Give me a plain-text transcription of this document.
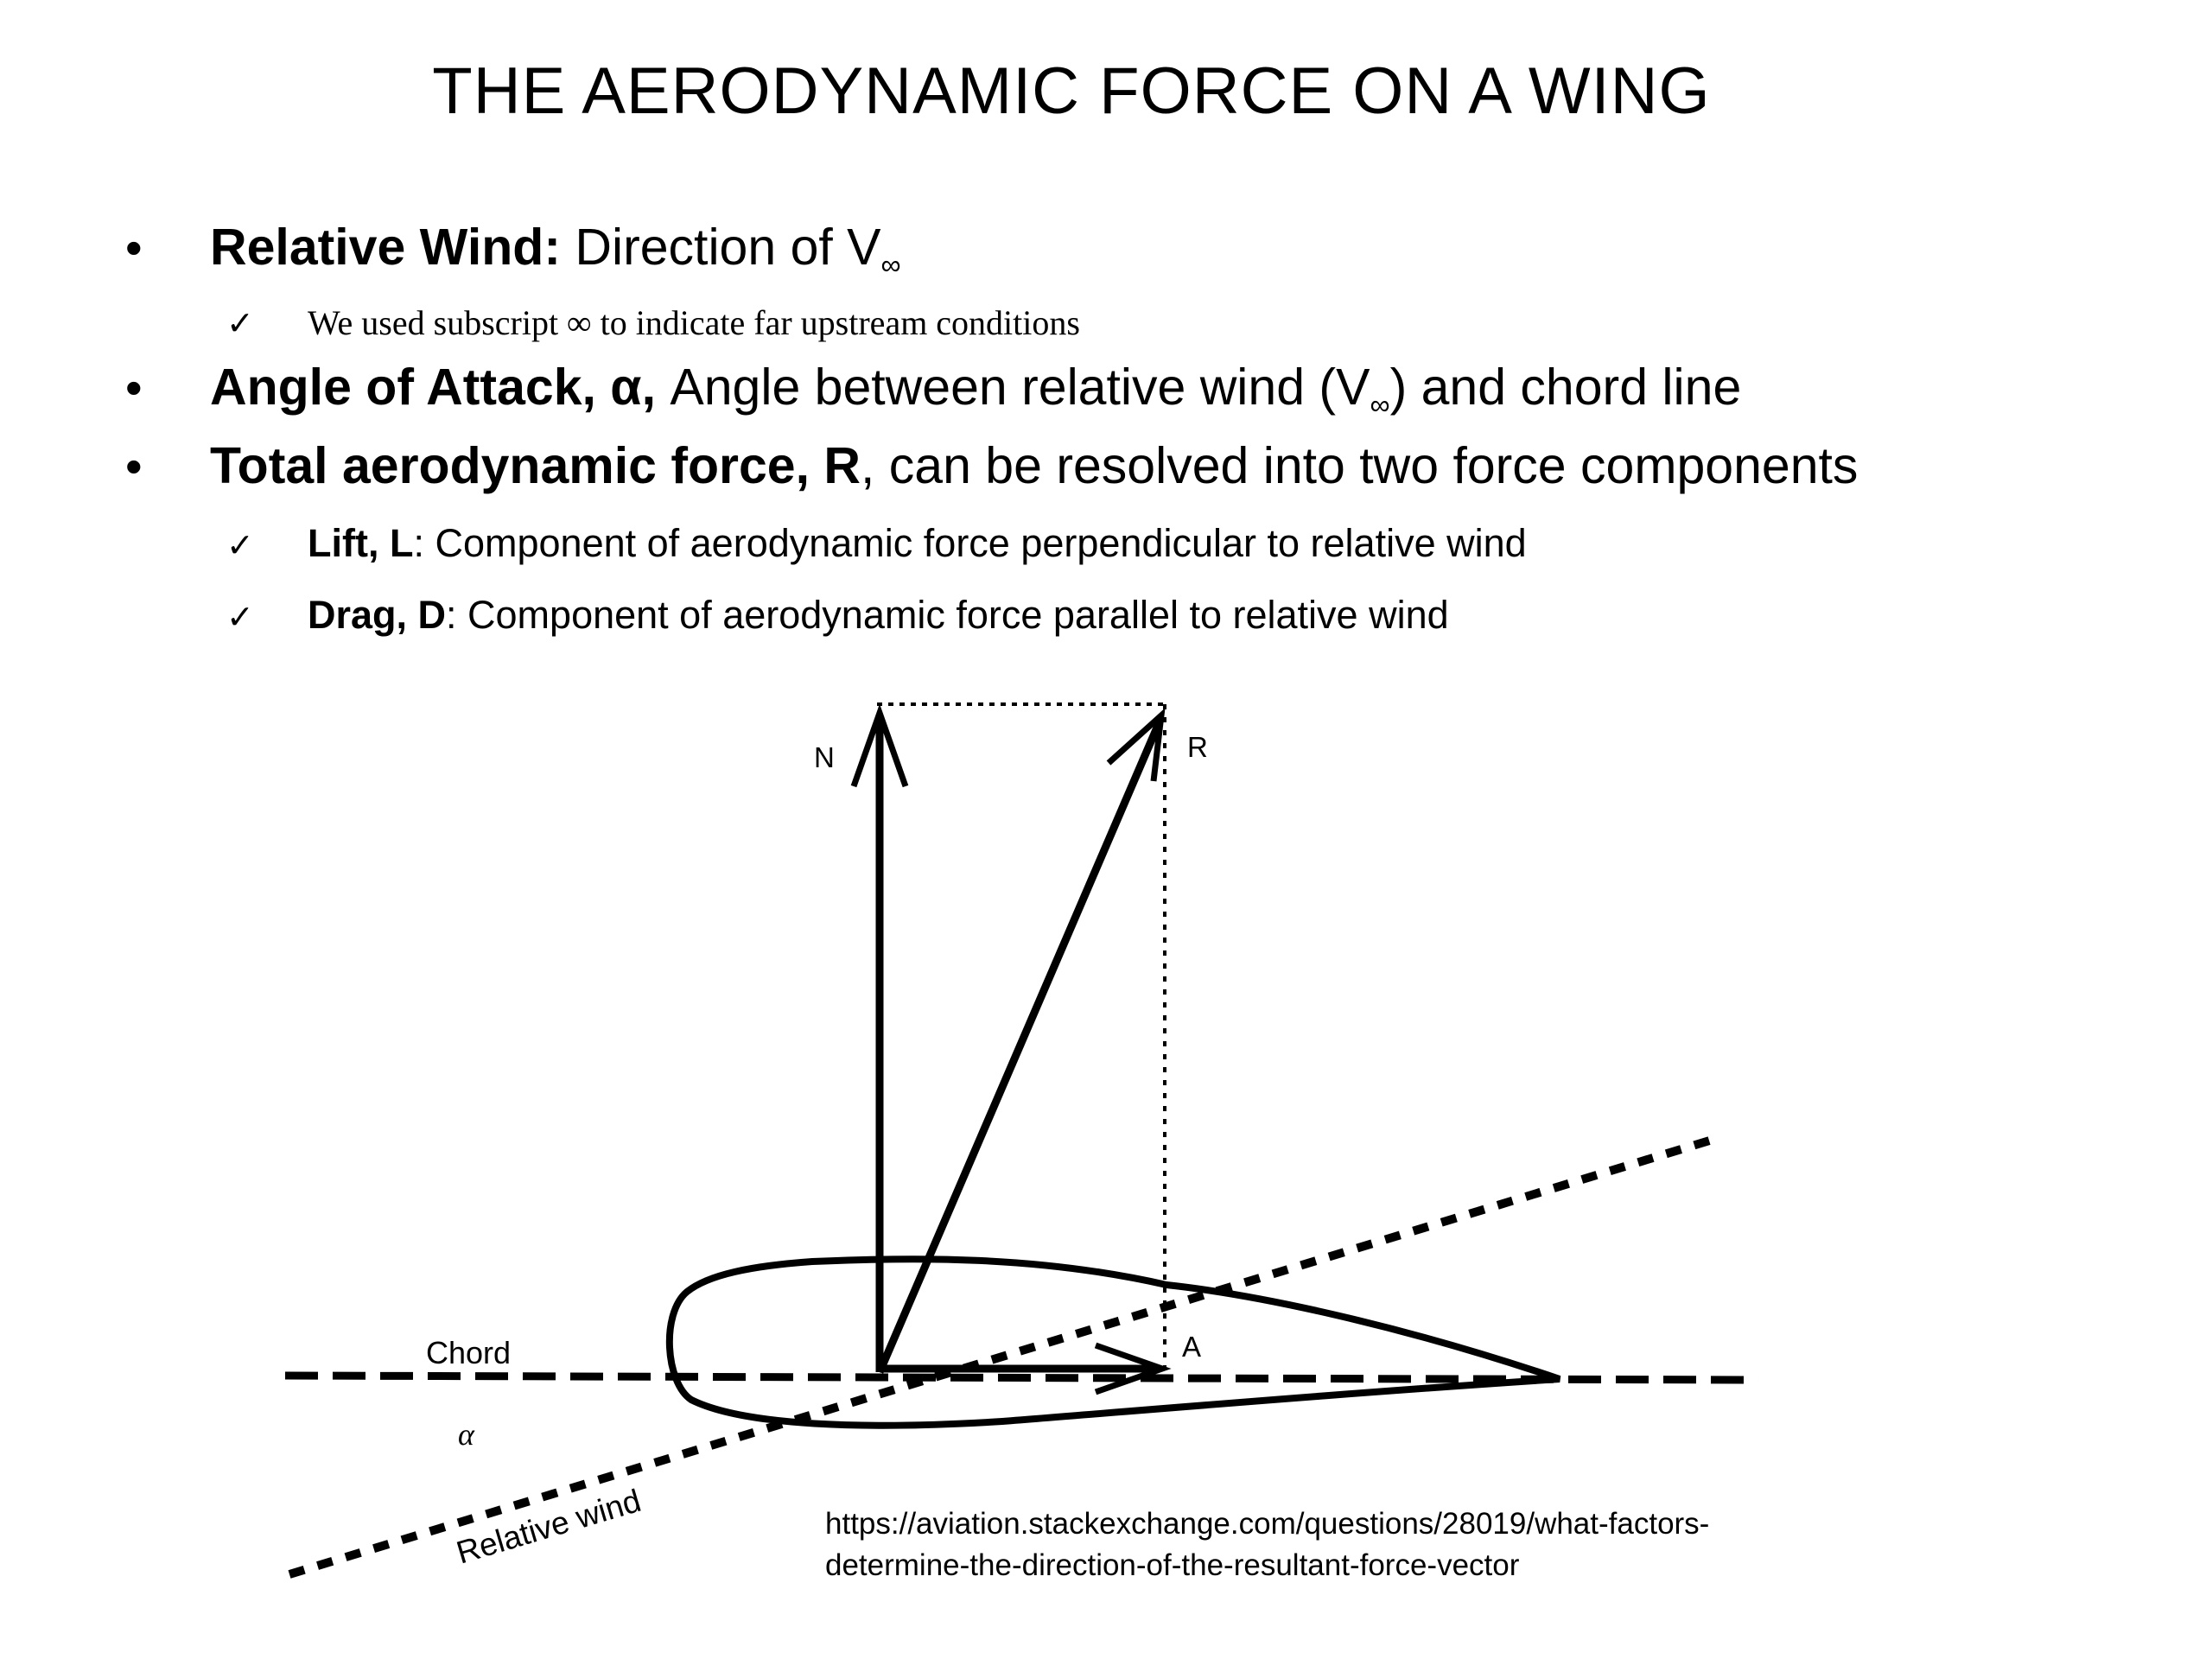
THE AERODYNAMIC FORCE ON A WING
•	Relative Wind: Direction of $V_\infty$
✓	We used subscript ∞ to indicate far upstream conditions
•	Angle of Attack, α, Angle between relative wind $(V_\infty)$ and chord line
•	Total aerodynamic force, R, can be resolved into two force components
✓	Lift, L: Component of aerodynamic force perpendicular to relative wind
✓	Drag, D: Component of aerodynamic force parallel to relative wind
N	R
A
Chord
α
Relative wind	https://aviation.stackexchange.com/questions/28019/what-factors-
determine-the-direction-of-the-resultant-force-vector
